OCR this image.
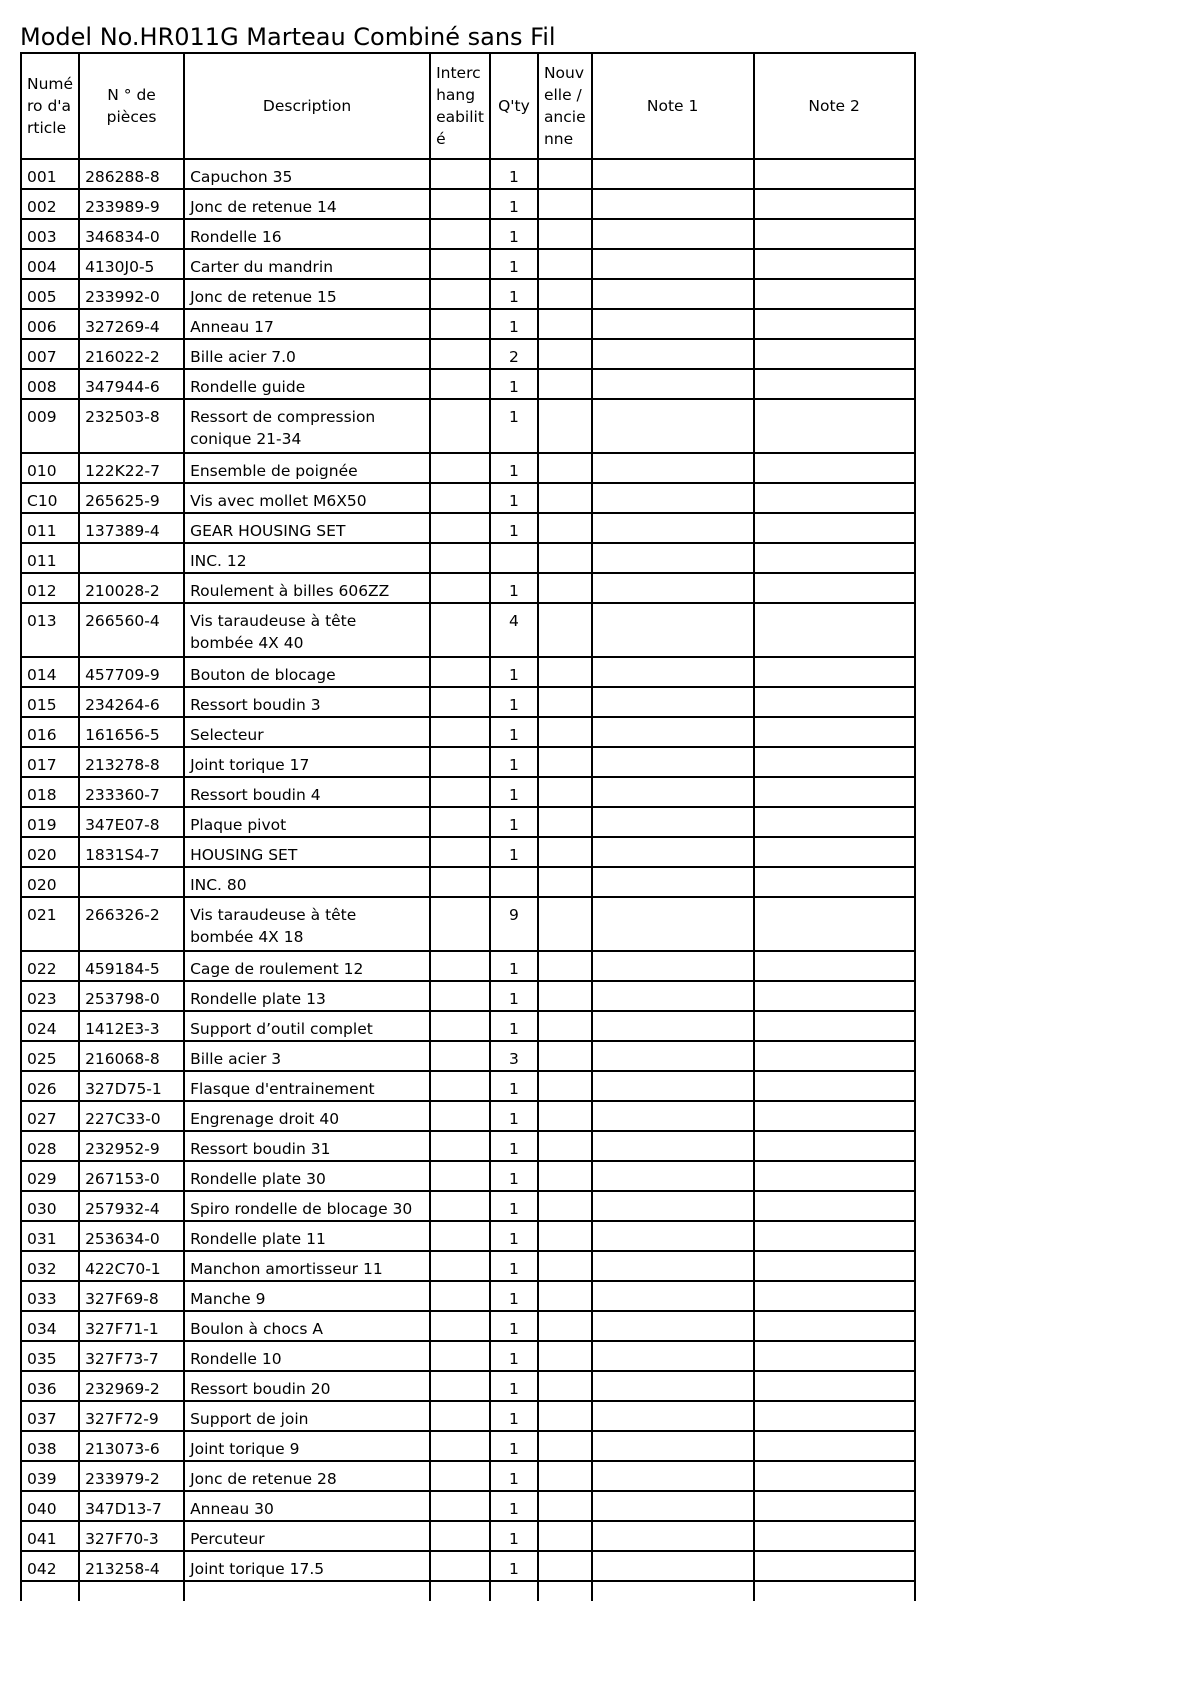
Model No.HR011G Marteau Combiné sans Fil
Numé ro d'a rticle	N ° de pièces	Description	Interc hang eabilit é	Q'ty	Nouv elle / ancie nne	Note 1	Note 2
001	286288-8	Capuchon 35		1			
002	233989-9	Jonc de retenue 14		1			
003	346834-0	Rondelle 16		1			
004	4130J0-5	Carter du mandrin		1			
005	233992-0	Jonc de retenue 15		1			
006	327269-4	Anneau 17		1			
007	216022-2	Bille acier 7.0		2			
008	347944-6	Rondelle guide		1			
009	232503-8	Ressort de compression conique 21-34		1			
010	122K22-7	Ensemble de poignée		1			
C10	265625-9	Vis avec mollet M6X50		1			
011	137389-4	GEAR HOUSING SET		1			
011		INC. 12					
012	210028-2	Roulement à billes 606ZZ		1			
013	266560-4	Vis taraudeuse à tête bombée 4X 40		4			
014	457709-9	Bouton de blocage		1			
015	234264-6	Ressort boudin 3		1			
016	161656-5	Selecteur		1			
017	213278-8	Joint torique 17		1			
018	233360-7	Ressort boudin 4		1			
019	347E07-8	Plaque pivot		1			
020	1831S4-7	HOUSING SET		1			
020		INC. 80					
021	266326-2	Vis taraudeuse à tête bombée 4X 18		9			
022	459184-5	Cage de roulement 12		1			
023	253798-0	Rondelle plate 13		1			
024	1412E3-3	Support d’outil complet		1			
025	216068-8	Bille acier 3		3			
026	327D75-1	Flasque d'entrainement		1			
027	227C33-0	Engrenage droit 40		1			
028	232952-9	Ressort boudin 31		1			
029	267153-0	Rondelle plate 30		1			
030	257932-4	Spiro rondelle de blocage 30		1			
031	253634-0	Rondelle plate 11		1			
032	422C70-1	Manchon amortisseur 11		1			
033	327F69-8	Manche 9		1			
034	327F71-1	Boulon à chocs A		1			
035	327F73-7	Rondelle 10		1			
036	232969-2	Ressort boudin 20		1			
037	327F72-9	Support de join		1			
038	213073-6	Joint torique 9		1			
039	233979-2	Jonc de retenue 28		1			
040	347D13-7	Anneau 30		1			
041	327F70-3	Percuteur		1			
042	213258-4	Joint torique 17.5		1			
